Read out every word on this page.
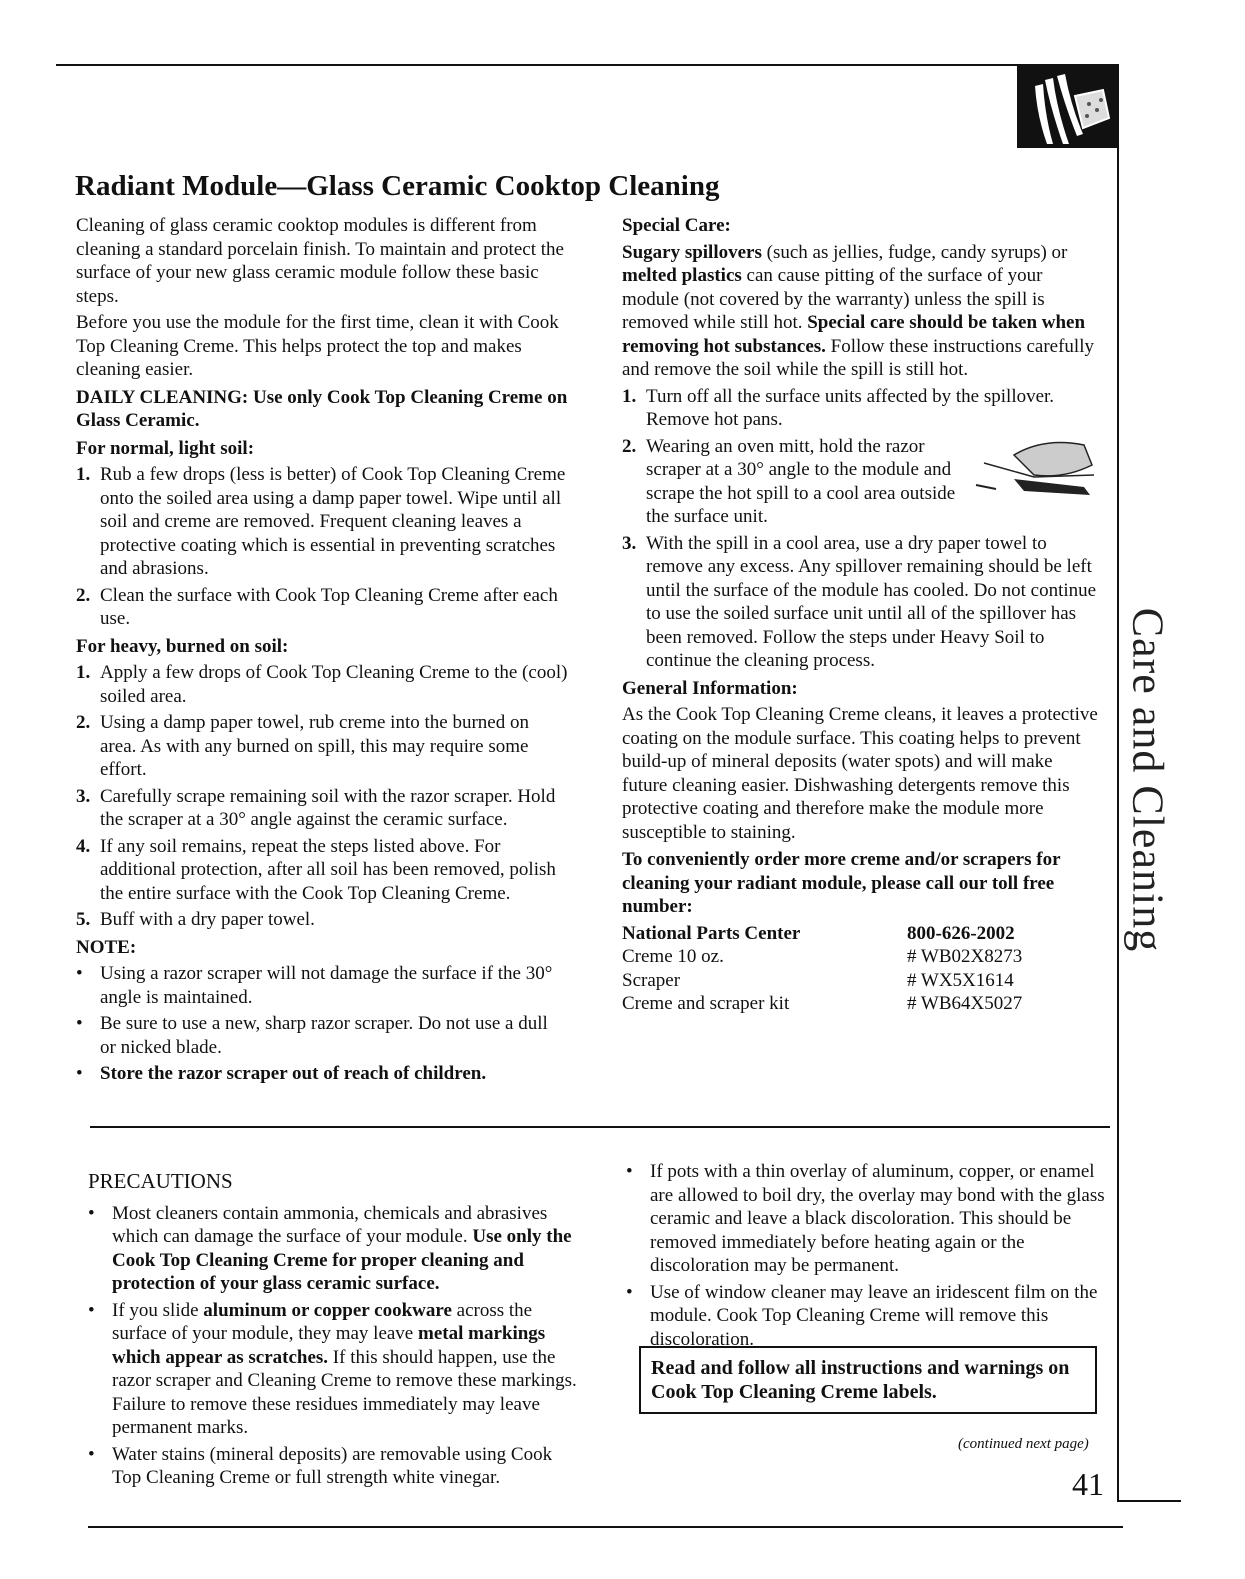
Care and Cleaning
Radiant Module—Glass Ceramic Cooktop Cleaning

Cleaning of glass ceramic cooktop modules is different from cleaning a standard porcelain finish. To maintain and protect the surface of your new glass ceramic module follow these basic steps.

Before you use the module for the first time, clean it with Cook Top Cleaning Creme. This helps protect the top and makes cleaning easier.

DAILY CLEANING: Use only Cook Top Cleaning Creme on Glass Ceramic.

For normal, light soil:

1. Rub a few drops (less is better) of Cook Top Cleaning Creme onto the soiled area using a damp paper towel. Wipe until all soil and creme are removed. Frequent cleaning leaves a protective coating which is essential in preventing scratches and abrasions.
2. Clean the surface with Cook Top Cleaning Creme after each use.

For heavy, burned on soil:

1. Apply a few drops of Cook Top Cleaning Creme to the (cool) soiled area.
2. Using a damp paper towel, rub creme into the burned on area. As with any burned on spill, this may require some effort.
3. Carefully scrape remaining soil with the razor scraper. Hold the scraper at a 30° angle against the ceramic surface.
4. If any soil remains, repeat the steps listed above. For additional protection, after all soil has been removed, polish the entire surface with the Cook Top Cleaning Creme.
5. Buff with a dry paper towel.

NOTE:

• Using a razor scraper will not damage the surface if the 30° angle is maintained.
• Be sure to use a new, sharp razor scraper. Do not use a dull or nicked blade.
• Store the razor scraper out of reach of children.

Special Care:

Sugary spillovers (such as jellies, fudge, candy syrups) or melted plastics can cause pitting of the surface of your module (not covered by the warranty) unless the spill is removed while still hot. Special care should be taken when removing hot substances. Follow these instructions carefully and remove the soil while the spill is still hot.

1. Turn off all the surface units affected by the spillover. Remove hot pans.
2. Wearing an oven mitt, hold the razor scraper at a 30° angle to the module and scrape the hot spill to a cool area outside the surface unit.
3. With the spill in a cool area, use a dry paper towel to remove any excess. Any spillover remaining should be left until the surface of the module has cooled. Do not continue to use the soiled surface unit until all of the spillover has been removed. Follow the steps under Heavy Soil to continue the cleaning process.

General Information:

As the Cook Top Cleaning Creme cleans, it leaves a protective coating on the module surface. This coating helps to prevent build-up of mineral deposits (water spots) and will make future cleaning easier. Dishwashing detergents remove this protective coating and therefore make the module more susceptible to staining.

To conveniently order more creme and/or scrapers for cleaning your radiant module, please call our toll free number:

National Parts Center	800-626-2002
Creme 10 oz.	# WB02X8273
Scraper	# WX5X1614
Creme and scraper kit	# WB64X5027

PRECAUTIONS

• Most cleaners contain ammonia, chemicals and abrasives which can damage the surface of your module. Use only the Cook Top Cleaning Creme for proper cleaning and protection of your glass ceramic surface.
• If you slide aluminum or copper cookware across the surface of your module, they may leave metal markings which appear as scratches. If this should happen, use the razor scraper and Cleaning Creme to remove these markings. Failure to remove these residues immediately may leave permanent marks.
• Water stains (mineral deposits) are removable using Cook Top Cleaning Creme or full strength white vinegar.
• If pots with a thin overlay of aluminum, copper, or enamel are allowed to boil dry, the overlay may bond with the glass ceramic and leave a black discoloration. This should be removed immediately before heating again or the discoloration may be permanent.
• Use of window cleaner may leave an iridescent film on the module. Cook Top Cleaning Creme will remove this discoloration.
Read and follow all instructions and warnings on Cook Top Cleaning Creme labels.
(continued next page)
41
